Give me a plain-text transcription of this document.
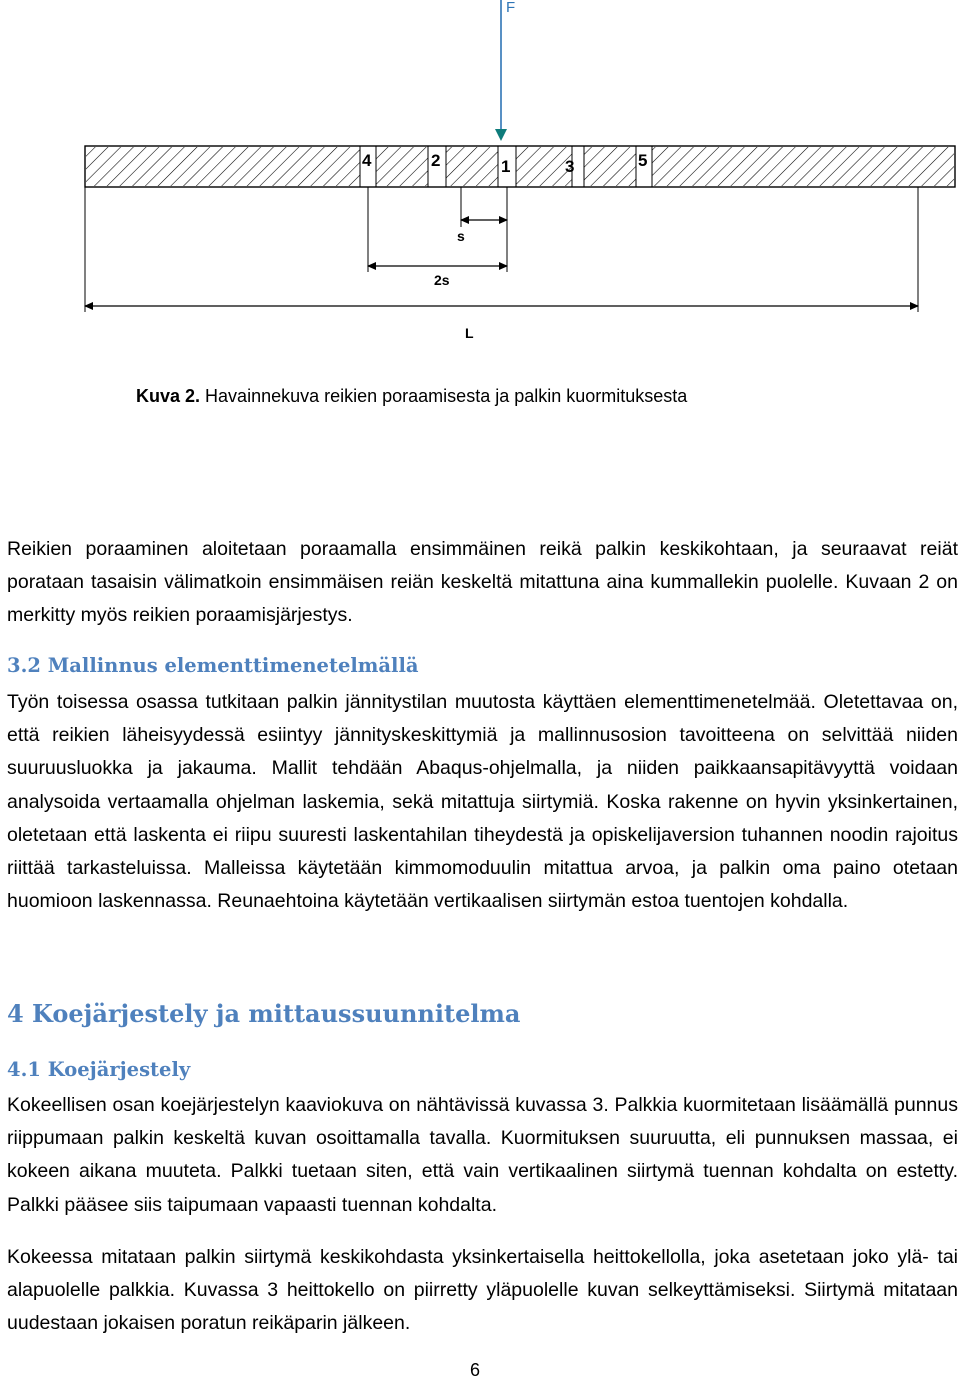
F
4	2	1	3	5
s
2s
L
Kuva 2. Havainnekuva reikien poraamisesta ja palkin kuormituksesta

Reikien poraaminen aloitetaan poraamalla ensimmäinen reikä palkin keskikohtaan, ja seuraavat reiät porataan tasaisin välimatkoin ensimmäisen reiän keskeltä mitattuna aina kummallekin puolelle. Kuvaan 2 on merkitty myös reikien poraamisjärjestys.

3.2 Mallinnus elementtimenetelmällä

Työn toisessa osassa tutkitaan palkin jännitystilan muutosta käyttäen elementtimenetelmää. Oletettavaa on, että reikien läheisyydessä esiintyy jännityskeskittymiä ja mallinnusosion tavoitteena on selvittää niiden suuruusluokka ja jakauma. Mallit tehdään Abaqus-ohjelmalla, ja niiden paikkaansapitävyyttä voidaan analysoida vertaamalla ohjelman laskemia, sekä mitattuja siirtymiä. Koska rakenne on hyvin yksinkertainen, oletetaan että laskenta ei riipu suuresti laskentahilan tiheydestä ja opiskelijaversion tuhannen noodin rajoitus riittää tarkasteluissa. Malleissa käytetään kimmomoduulin mitattua arvoa, ja palkin oma paino otetaan huomioon laskennassa. Reunaehtoina käytetään vertikaalisen siirtymän estoa tuentojen kohdalla.

4 Koejärjestely ja mittaussuunnitelma
4.1 Koejärjestely

Kokeellisen osan koejärjestelyn kaaviokuva on nähtävissä kuvassa 3. Palkkia kuormitetaan lisäämällä punnus riippumaan palkin keskeltä kuvan osoittamalla tavalla. Kuormituksen suuruutta, eli punnuksen massaa, ei kokeen aikana muuteta. Palkki tuetaan siten, että vain vertikaalinen siirtymä tuennan kohdalta on estetty. Palkki pääsee siis taipumaan vapaasti tuennan kohdalta.

Kokeessa mitataan palkin siirtymä keskikohdasta yksinkertaisella heittokellolla, joka asetetaan joko ylä- tai alapuolelle palkkia. Kuvassa 3 heittokello on piirretty yläpuolelle kuvan selkeyttämiseksi. Siirtymä mitataan uudestaan jokaisen poratun reikäparin jälkeen.

6
